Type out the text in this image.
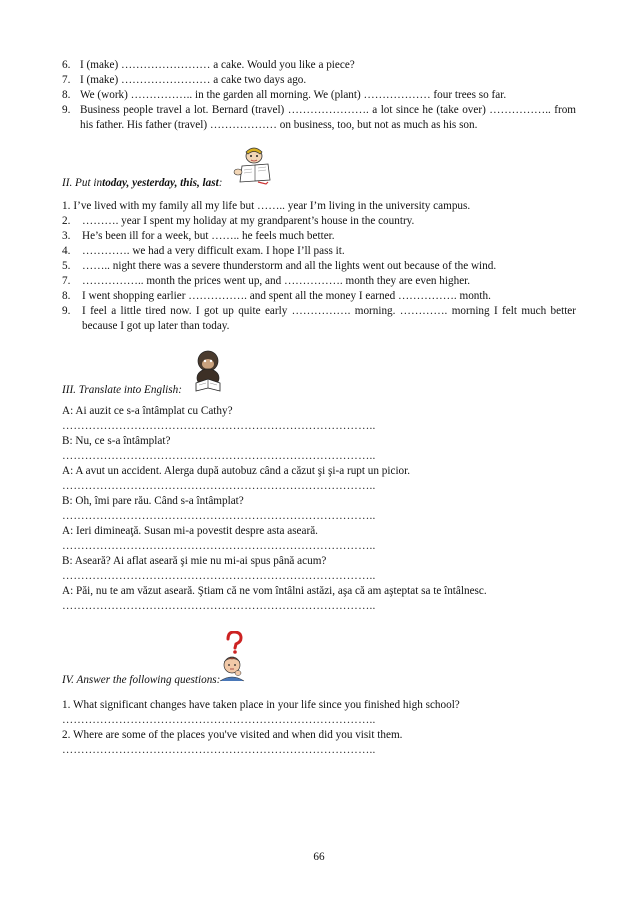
6. I (make) …………………… a cake. Would you like a piece?
7. I (make) …………………… a cake two days ago.
8. We (work) …………….. in the garden all morning. We (plant) ……………… four trees so far.
9. Business people travel a lot. Bernard (travel) …………………. a lot since he (take over) …………….. from his father. His father (travel) ……………… on business, too, but not as much as his son.
II. Put in today, yesterday, this, last :
1. I’ve lived with my family all my life but …….. year I’m living in the university campus.
2.	………. year I spent my holiday at my grandparent’s house in the country.
3.	He’s been ill for a week, but …….. he feels much better.
4.	…………. we had a very difficult exam. I hope I’ll pass it.
5.	…….. night there was a severe thunderstorm and all the lights went out because of the wind.
7.	…………….. month the prices went up, and ……………. month they are even higher.
8.	I went shopping earlier ……………. and spent all the money I earned ……………. month.
9.	I feel a little tired now. I got up quite early ……………. morning. …………. morning I felt much better because I got up later than today.
III. Translate into English:
A: Ai auzit ce s-a întâmplat cu Cathy?
………………………………………………………………………..
B: Nu, ce s-a întâmplat?
………………………………………………………………………..
A: A avut un accident. Alerga după autobuz când a căzut şi şi-a rupt un picior.
………………………………………………………………………..
B: Oh, îmi pare rău. Când s-a întâmplat?
………………………………………………………………………..
A: Ieri dimineaţă. Susan mi-a povestit despre asta aseară.
………………………………………………………………………..
B: Aseară? Ai aflat aseară şi mie nu mi-ai spus până acum?
………………………………………………………………………..
A: Păi, nu te am văzut aseară. Ştiam că ne vom întâlni astăzi, aşa că am aşteptat sa te întâlnesc.
………………………………………………………………………..
IV. Answer the following questions:
1. What significant changes have taken place in your life since you finished high school?
………………………………………………………………………..
2. Where are some of the places you've visited and when did you visit them.
………………………………………………………………………..
66
